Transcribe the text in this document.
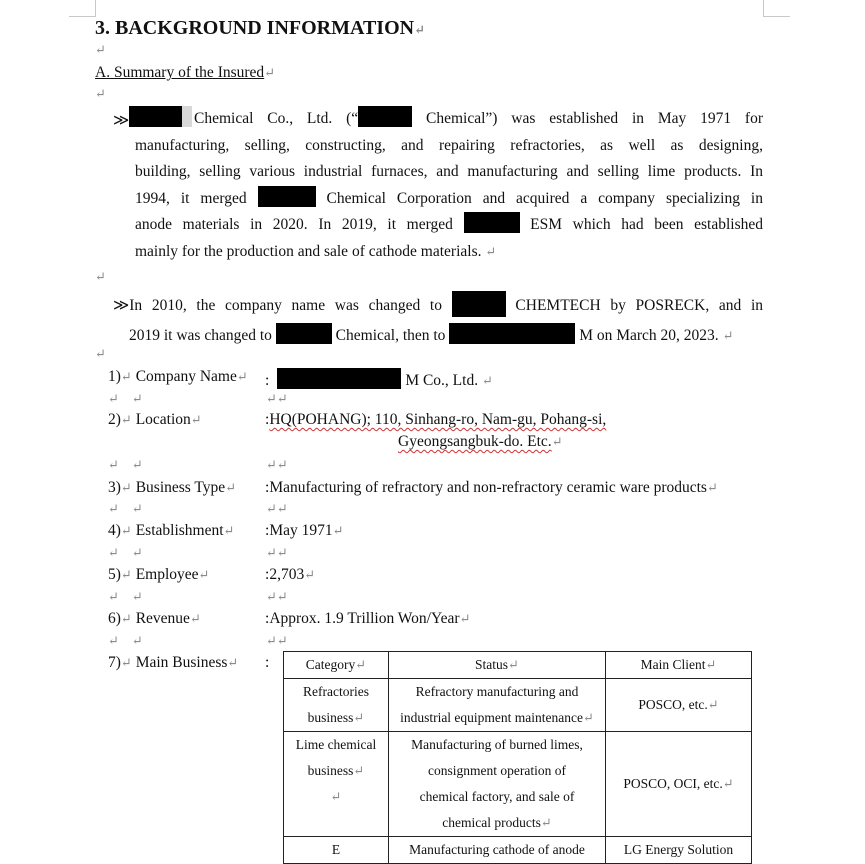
3. BACKGROUND INFORMATION↵
↵
A. Summary of the Insured↵
↵
≫	Chemical Co., Ltd. (“	Chemical”) was established in May 1971 for
manufacturing, selling, constructing, and repairing refractories, as well as designing,
building, selling various industrial furnaces, and manufacturing and selling lime products. In
1994, it merged	Chemical Corporation and acquired a company specializing in
anode materials in 2020. In 2019, it merged	ESM which had been established
mainly for the production and sale of cathode materials. ↵
↵
≫In 2010, the company name was changed to	CHEMTECH by POSRECK, and in
2019 it was changed to	Chemical, then to	M on March 20, 2023. ↵
↵
1)↵ Company Name↵ :	M Co., Ltd. ↵
↵    ↵	↵↵
2)↵ Location↵	:HQ(POHANG); 110, Sinhang-ro, Nam-gu, Pohang-si,
Gyeongsangbuk-do. Etc.↵
↵    ↵	↵↵
3)↵ Business Type↵ :Manufacturing of refractory and non-refractory ceramic ware products↵
↵    ↵	↵↵
4)↵ Establishment↵ :May 1971↵
↵    ↵	↵↵
5)↵ Employee↵	:2,703↵
↵    ↵	↵↵
6)↵ Revenue↵	:Approx. 1.9 Trillion Won/Year↵
↵    ↵	↵↵
7)↵ Main Business↵ :	Category↵	Status↵	Main Client↵
Refractories
business↵	Refractory manufacturing and
industrial equipment maintenance↵	POSCO, etc.↵
Lime chemical
business↵
↵	Manufacturing of burned limes,
consignment operation of
chemical factory, and sale of
chemical products↵	POSCO, OCI, etc.↵
E	Manufacturing cathode of anode	LG Energy Solution
